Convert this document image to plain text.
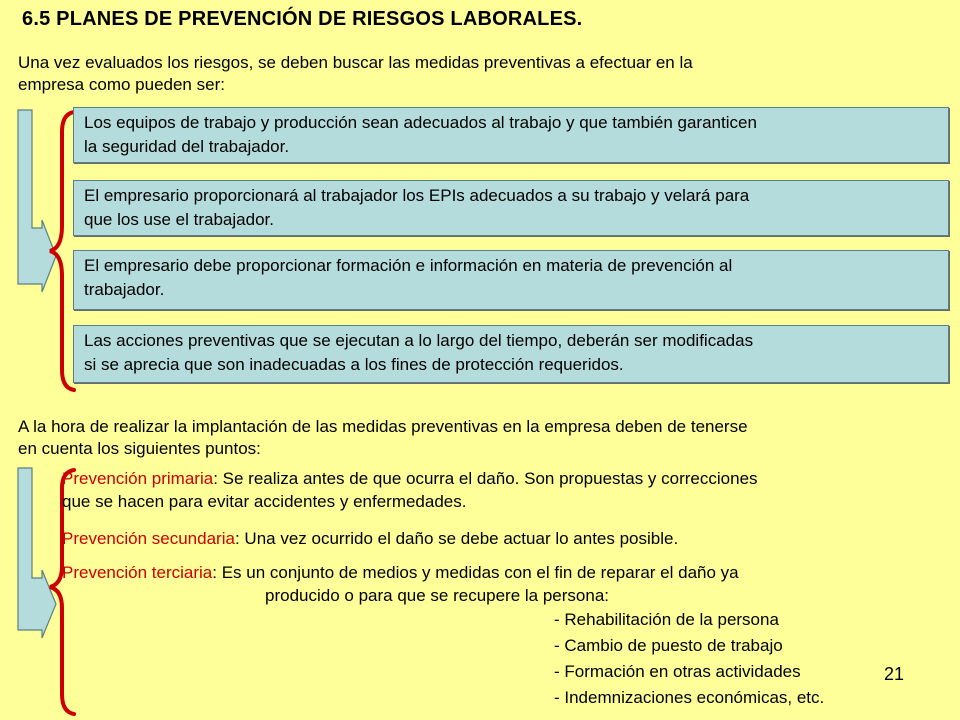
6.5 PLANES DE PREVENCIÓN DE RIESGOS LABORALES.
Una vez evaluados los riesgos, se deben buscar las medidas preventivas a efectuar en la
empresa como pueden ser:
Los equipos de trabajo y producción sean adecuados al trabajo y que también garanticen
la seguridad del trabajador.
El empresario proporcionará al trabajador los EPIs adecuados a su trabajo y velará para
que los use el trabajador.
El empresario debe proporcionar formación e información en materia de prevención al
trabajador.
Las acciones preventivas que se ejecutan a lo largo del tiempo, deberán ser modificadas
si se aprecia que son inadecuadas a los fines de protección requeridos.
A la hora de realizar la implantación de las medidas preventivas en la empresa deben de tenerse
en cuenta los siguientes puntos:
Prevención primaria: Se realiza antes de que ocurra el daño. Son propuestas y correcciones
que se hacen para evitar accidentes y enfermedades.
Prevención secundaria: Una vez ocurrido el daño se debe actuar lo antes posible.
Prevención terciaria: Es un conjunto de medios y medidas con el fin de reparar el daño ya
producido o para que se recupere la persona:
- Rehabilitación de la persona
- Cambio de puesto de trabajo
- Formación en otras actividades
- Indemnizaciones económicas, etc.
21
